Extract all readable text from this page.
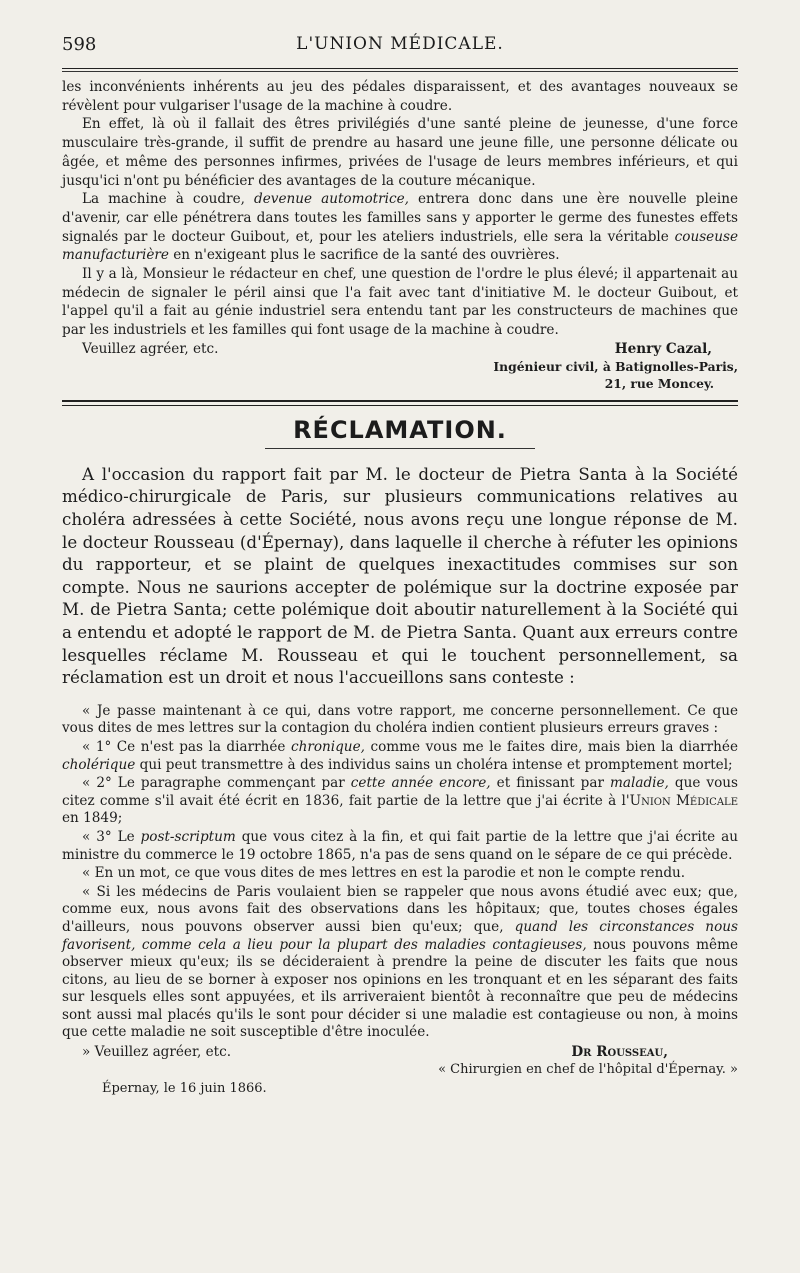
598	L'UNION MÉDICALE.

les inconvénients inhérents au jeu des pédales disparaissent, et des avantages nouveaux se révèlent pour vulgariser l'usage de la machine à coudre.

En effet, là où il fallait des êtres privilégiés d'une santé pleine de jeunesse, d'une force musculaire très-grande, il suffit de prendre au hasard une jeune fille, une personne délicate ou âgée, et même des personnes infirmes, privées de l'usage de leurs membres inférieurs, et qui jusqu'ici n'ont pu bénéficier des avantages de la couture mécanique.

La machine à coudre, devenue automotrice, entrera donc dans une ère nouvelle pleine d'avenir, car elle pénétrera dans toutes les familles sans y apporter le germe des funestes effets signalés par le docteur Guibout, et, pour les ateliers industriels, elle sera la véritable couseuse manufacturière en n'exigeant plus le sacrifice de la santé des ouvrières.

Il y a là, Monsieur le rédacteur en chef, une question de l'ordre le plus élevé; il appartenait au médecin de signaler le péril ainsi que l'a fait avec tant d'initiative M. le docteur Guibout, et l'appel qu'il a fait au génie industriel sera entendu tant par les constructeurs de machines que par les industriels et les familles qui font usage de la machine à coudre.

Veuillez agréer, etc.	Henry Cazal,
Ingénieur civil, à Batignolles-Paris,
21, rue Moncey.
RÉCLAMATION.

A l'occasion du rapport fait par M. le docteur de Pietra Santa à la Société médico-chirurgicale de Paris, sur plusieurs communications relatives au choléra adressées à cette Société, nous avons reçu une longue réponse de M. le docteur Rousseau (d'Épernay), dans laquelle il cherche à réfuter les opinions du rapporteur, et se plaint de quelques inexactitudes commises sur son compte. Nous ne saurions accepter de polémique sur la doctrine exposée par M. de Pietra Santa; cette polémique doit aboutir naturellement à la Société qui a entendu et adopté le rapport de M. de Pietra Santa. Quant aux erreurs contre lesquelles réclame M. Rousseau et qui le touchent personnellement, sa réclamation est un droit et nous l'accueillons sans conteste :

« Je passe maintenant à ce qui, dans votre rapport, me concerne personnellement. Ce que vous dites de mes lettres sur la contagion du choléra indien contient plusieurs erreurs graves :

« 1° Ce n'est pas la diarrhée chronique, comme vous me le faites dire, mais bien la diarrhée cholérique qui peut transmettre à des individus sains un choléra intense et promptement mortel;

« 2° Le paragraphe commençant par cette année encore, et finissant par maladie, que vous citez comme s'il avait été écrit en 1836, fait partie de la lettre que j'ai écrite à l'Union Médicale en 1849;

« 3° Le post-scriptum que vous citez à la fin, et qui fait partie de la lettre que j'ai écrite au ministre du commerce le 19 octobre 1865, n'a pas de sens quand on le sépare de ce qui précède.

« En un mot, ce que vous dites de mes lettres en est la parodie et non le compte rendu.

« Si les médecins de Paris voulaient bien se rappeler que nous avons étudié avec eux; que, comme eux, nous avons fait des observations dans les hôpitaux; que, toutes choses égales d'ailleurs, nous pouvons observer aussi bien qu'eux; que, quand les circonstances nous favorisent, comme cela a lieu pour la plupart des maladies contagieuses, nous pouvons même observer mieux qu'eux; ils se décideraient à prendre la peine de discuter les faits que nous citons, au lieu de se borner à exposer nos opinions en les tronquant et en les séparant des faits sur lesquels elles sont appuyées, et ils arriveraient bientôt à reconnaître que peu de médecins sont aussi mal placés qu'ils le sont pour décider si une maladie est contagieuse ou non, à moins que cette maladie ne soit susceptible d'être inoculée.

» Veuillez agréer, etc.	Dr Rousseau,
« Chirurgien en chef de l'hôpital d'Épernay. »
Épernay, le 16 juin 1866.
